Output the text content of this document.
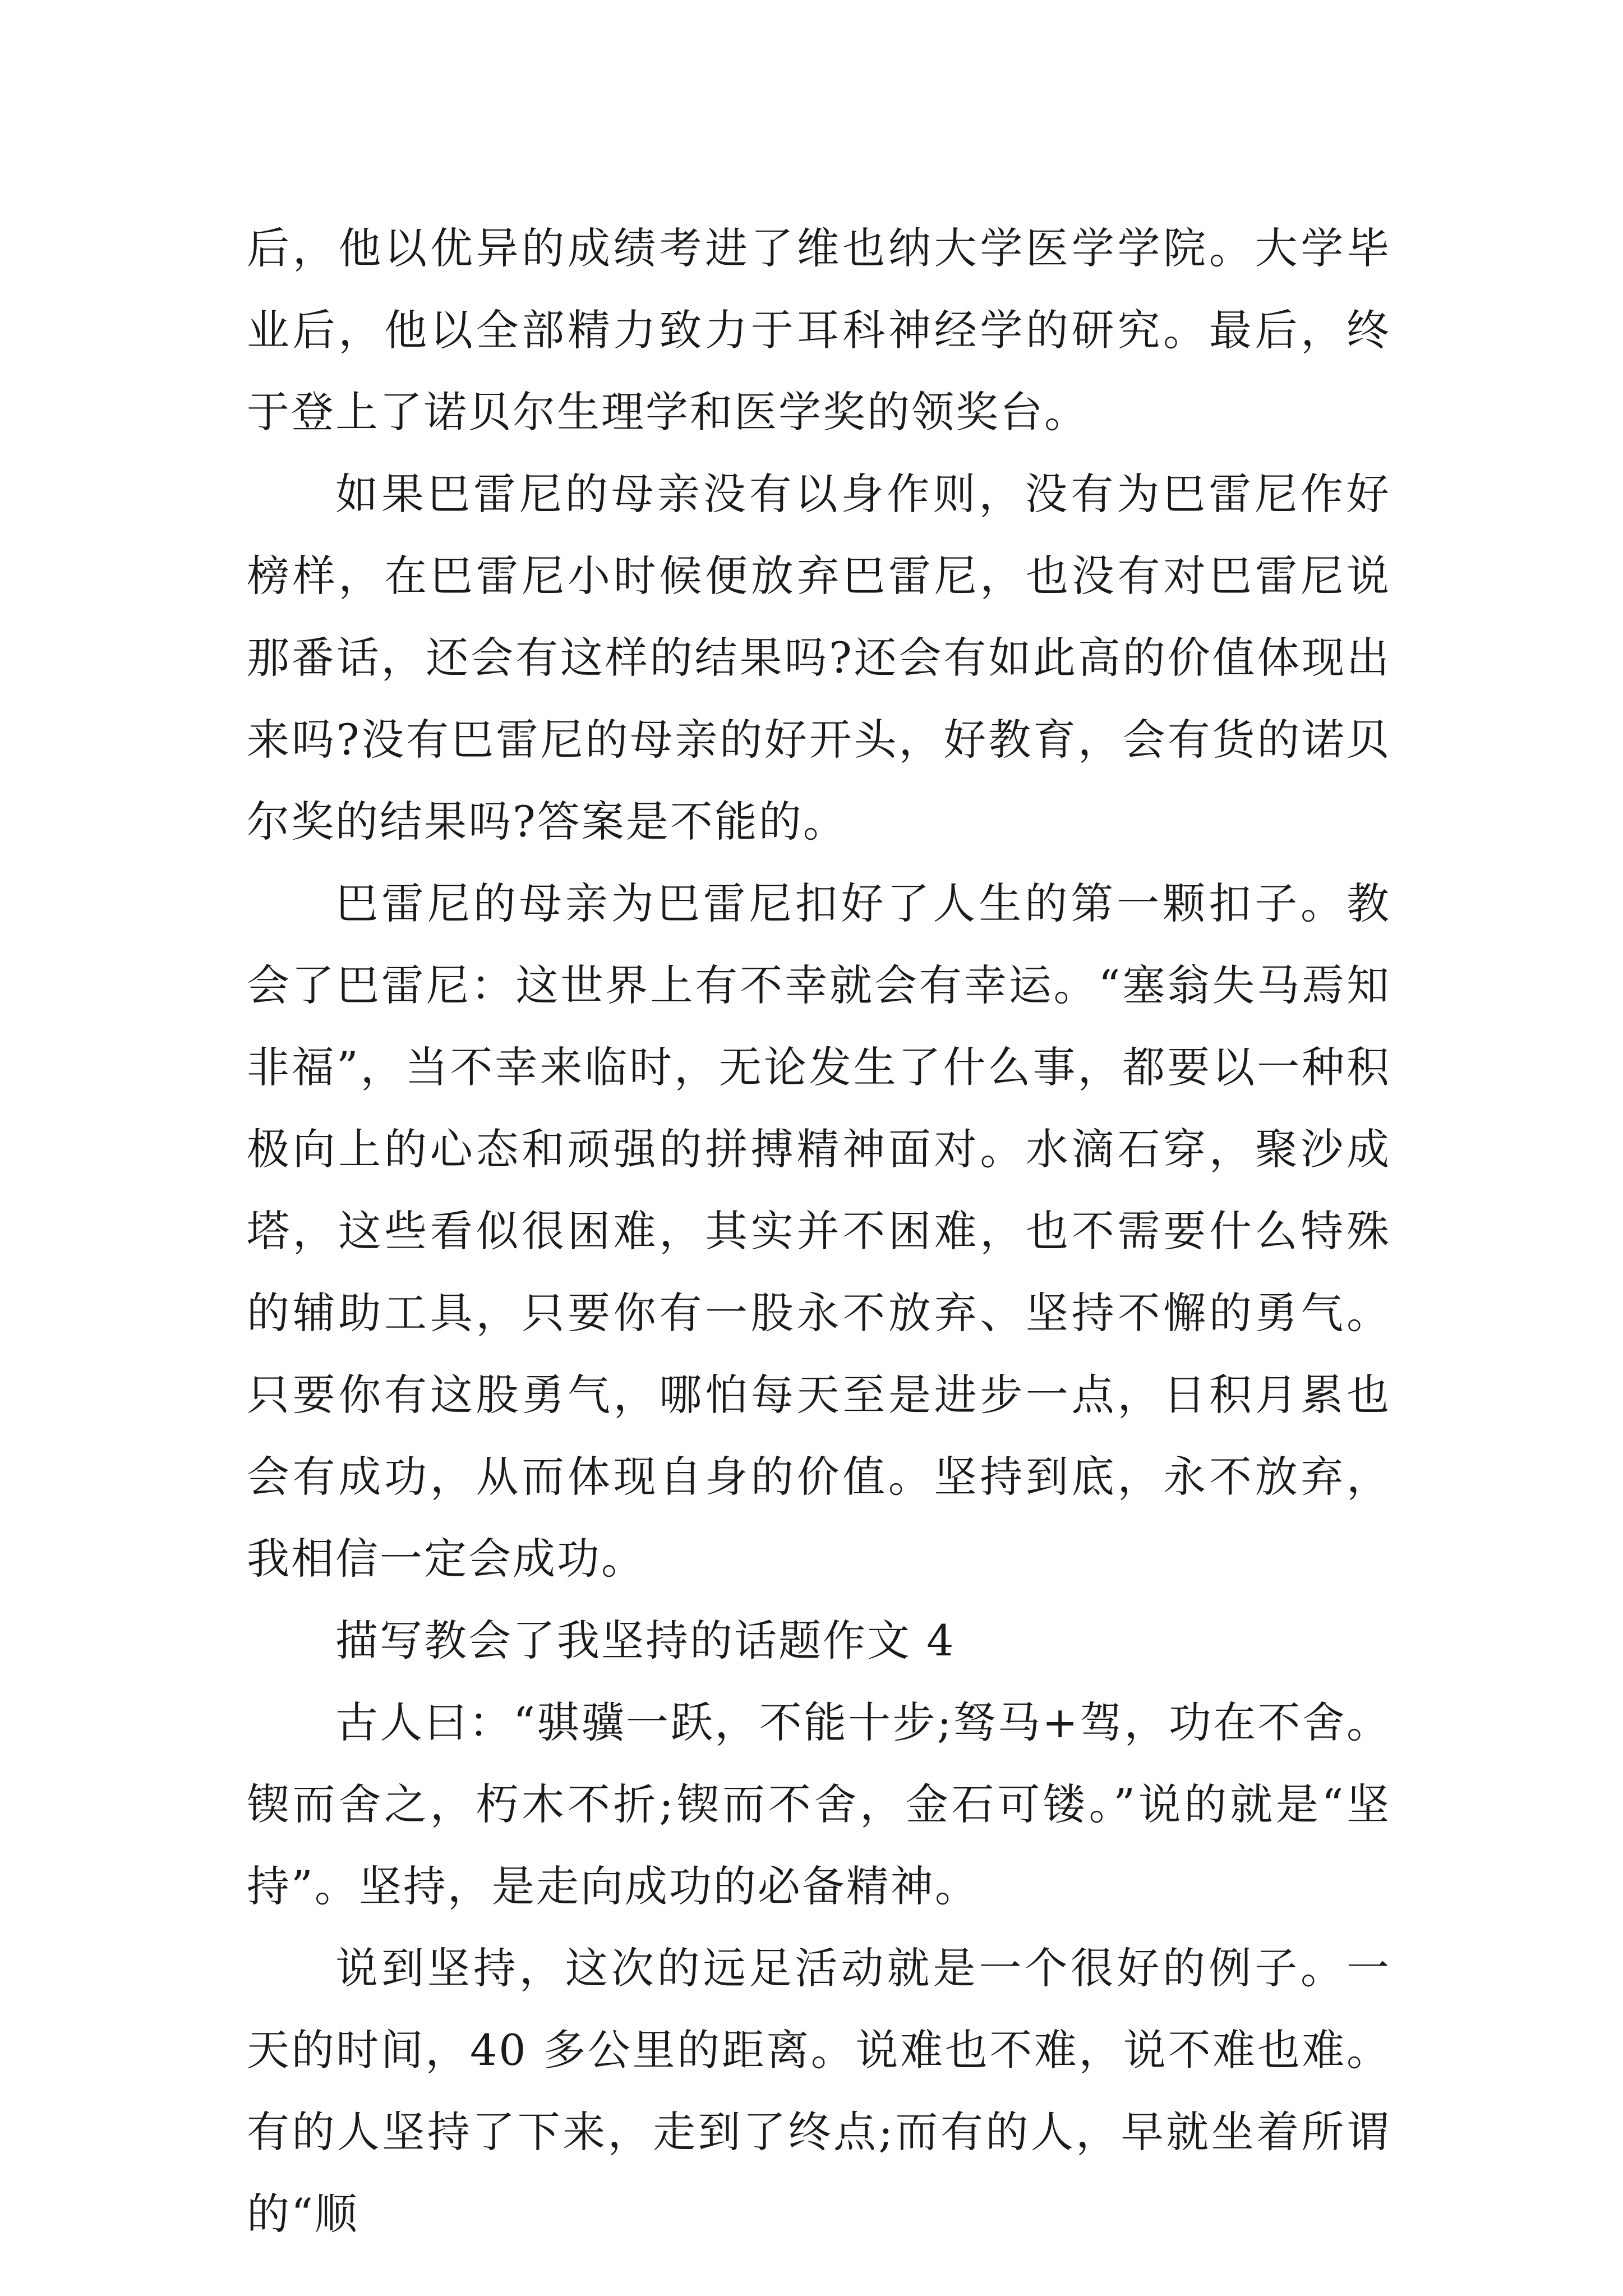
后，他以优异的成绩考进了维也纳大学医学学院。大学毕业后，他以全部精力致力于耳科神经学的研究。最后，终于登上了诺贝尔生理学和医学奖的领奖台。

如果巴雷尼的母亲没有以身作则，没有为巴雷尼作好榜样，在巴雷尼小时候便放弃巴雷尼，也没有对巴雷尼说那番话，还会有这样的结果吗?还会有如此高的价值体现出来吗?没有巴雷尼的母亲的好开头，好教育，会有货的诺贝尔奖的结果吗?答案是不能的。

巴雷尼的母亲为巴雷尼扣好了人生的第一颗扣子。教会了巴雷尼：这世界上有不幸就会有幸运。“塞翁失马焉知非福”，当不幸来临时，无论发生了什么事，都要以一种积极向上的心态和顽强的拼搏精神面对。水滴石穿，聚沙成塔，这些看似很困难，其实并不困难，也不需要什么特殊的辅助工具，只要你有一股永不放弃、坚持不懈的勇气。只要你有这股勇气，哪怕每天至是进步一点，日积月累也会有成功，从而体现自身的价值。坚持到底，永不放弃，我相信一定会成功。

描写教会了我坚持的话题作文 4

古人曰：“骐骥一跃，不能十步;驽马+驾，功在不舍。锲而舍之，朽木不折;锲而不舍，金石可镂。”说的就是“坚持”。坚持，是走向成功的必备精神。

说到坚持，这次的远足活动就是一个很好的例子。一天的时间，40 多公里的距离。说难也不难，说不难也难。有的人坚持了下来，走到了终点;而有的人，早就坐着所谓的“顺
